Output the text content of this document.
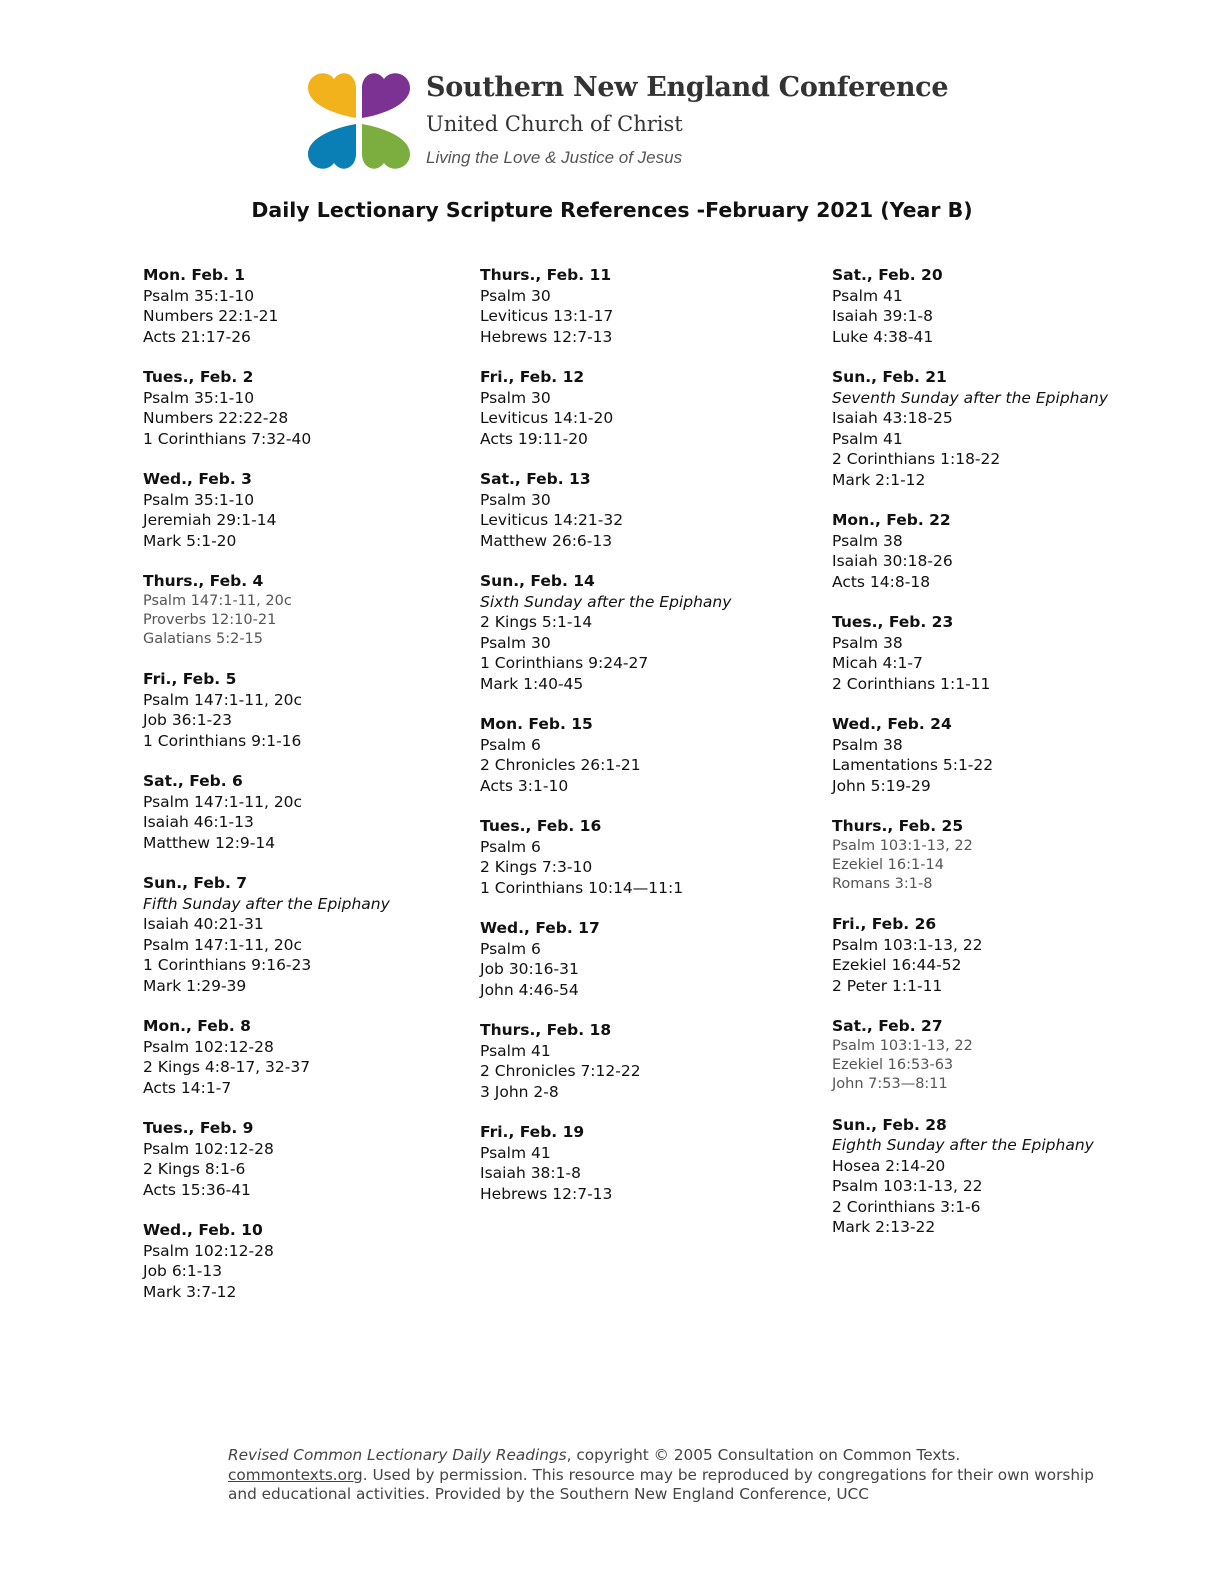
Southern New England Conference
United Church of Christ
Living the Love & Justice of Jesus
Daily Lectionary Scripture References -February 2021 (Year B)
Mon. Feb. 1
Psalm 35:1-10
Numbers 22:1-21
Acts 21:17-26
Tues., Feb. 2
Psalm 35:1-10
Numbers 22:22-28
1 Corinthians 7:32-40
Wed., Feb. 3
Psalm 35:1-10
Jeremiah 29:1-14
Mark 5:1-20
Thurs., Feb. 4
Psalm 147:1-11, 20c
Proverbs 12:10-21
Galatians 5:2-15
Fri., Feb. 5
Psalm 147:1-11, 20c
Job 36:1-23
1 Corinthians 9:1-16
Sat., Feb. 6
Psalm 147:1-11, 20c
Isaiah 46:1-13
Matthew 12:9-14
Sun., Feb. 7
Fifth Sunday after the Epiphany
Isaiah 40:21-31
Psalm 147:1-11, 20c
1 Corinthians 9:16-23
Mark 1:29-39
Mon., Feb. 8
Psalm 102:12-28
2 Kings 4:8-17, 32-37
Acts 14:1-7
Tues., Feb. 9
Psalm 102:12-28
2 Kings 8:1-6
Acts 15:36-41
Wed., Feb. 10
Psalm 102:12-28
Job 6:1-13
Mark 3:7-12
Thurs., Feb. 11
Psalm 30
Leviticus 13:1-17
Hebrews 12:7-13
Fri., Feb. 12
Psalm 30
Leviticus 14:1-20
Acts 19:11-20
Sat., Feb. 13
Psalm 30
Leviticus 14:21-32
Matthew 26:6-13
Sun., Feb. 14
Sixth Sunday after the Epiphany
2 Kings 5:1-14
Psalm 30
1 Corinthians 9:24-27
Mark 1:40-45
Mon. Feb. 15
Psalm 6
2 Chronicles 26:1-21
Acts 3:1-10
Tues., Feb. 16
Psalm 6
2 Kings 7:3-10
1 Corinthians 10:14—11:1
Wed., Feb. 17
Psalm 6
Job 30:16-31
John 4:46-54
Thurs., Feb. 18
Psalm 41
2 Chronicles 7:12-22
3 John 2-8
Fri., Feb. 19
Psalm 41
Isaiah 38:1-8
Hebrews 12:7-13
Sat., Feb. 20
Psalm 41
Isaiah 39:1-8
Luke 4:38-41
Sun., Feb. 21
Seventh Sunday after the Epiphany
Isaiah 43:18-25
Psalm 41
2 Corinthians 1:18-22
Mark 2:1-12
Mon., Feb. 22
Psalm 38
Isaiah 30:18-26
Acts 14:8-18
Tues., Feb. 23
Psalm 38
Micah 4:1-7
2 Corinthians 1:1-11
Wed., Feb. 24
Psalm 38
Lamentations 5:1-22
John 5:19-29
Thurs., Feb. 25
Psalm 103:1-13, 22
Ezekiel 16:1-14
Romans 3:1-8
Fri., Feb. 26
Psalm 103:1-13, 22
Ezekiel 16:44-52
2 Peter 1:1-11
Sat., Feb. 27
Psalm 103:1-13, 22
Ezekiel 16:53-63
John 7:53—8:11
Sun., Feb. 28
Eighth Sunday after the Epiphany
Hosea 2:14-20
Psalm 103:1-13, 22
2 Corinthians 3:1-6
Mark 2:13-22
Revised Common Lectionary Daily Readings, copyright © 2005 Consultation on Common Texts.
commontexts.org. Used by permission. This resource may be reproduced by congregations for their own worship and educational activities. Provided by the Southern New England Conference, UCC
